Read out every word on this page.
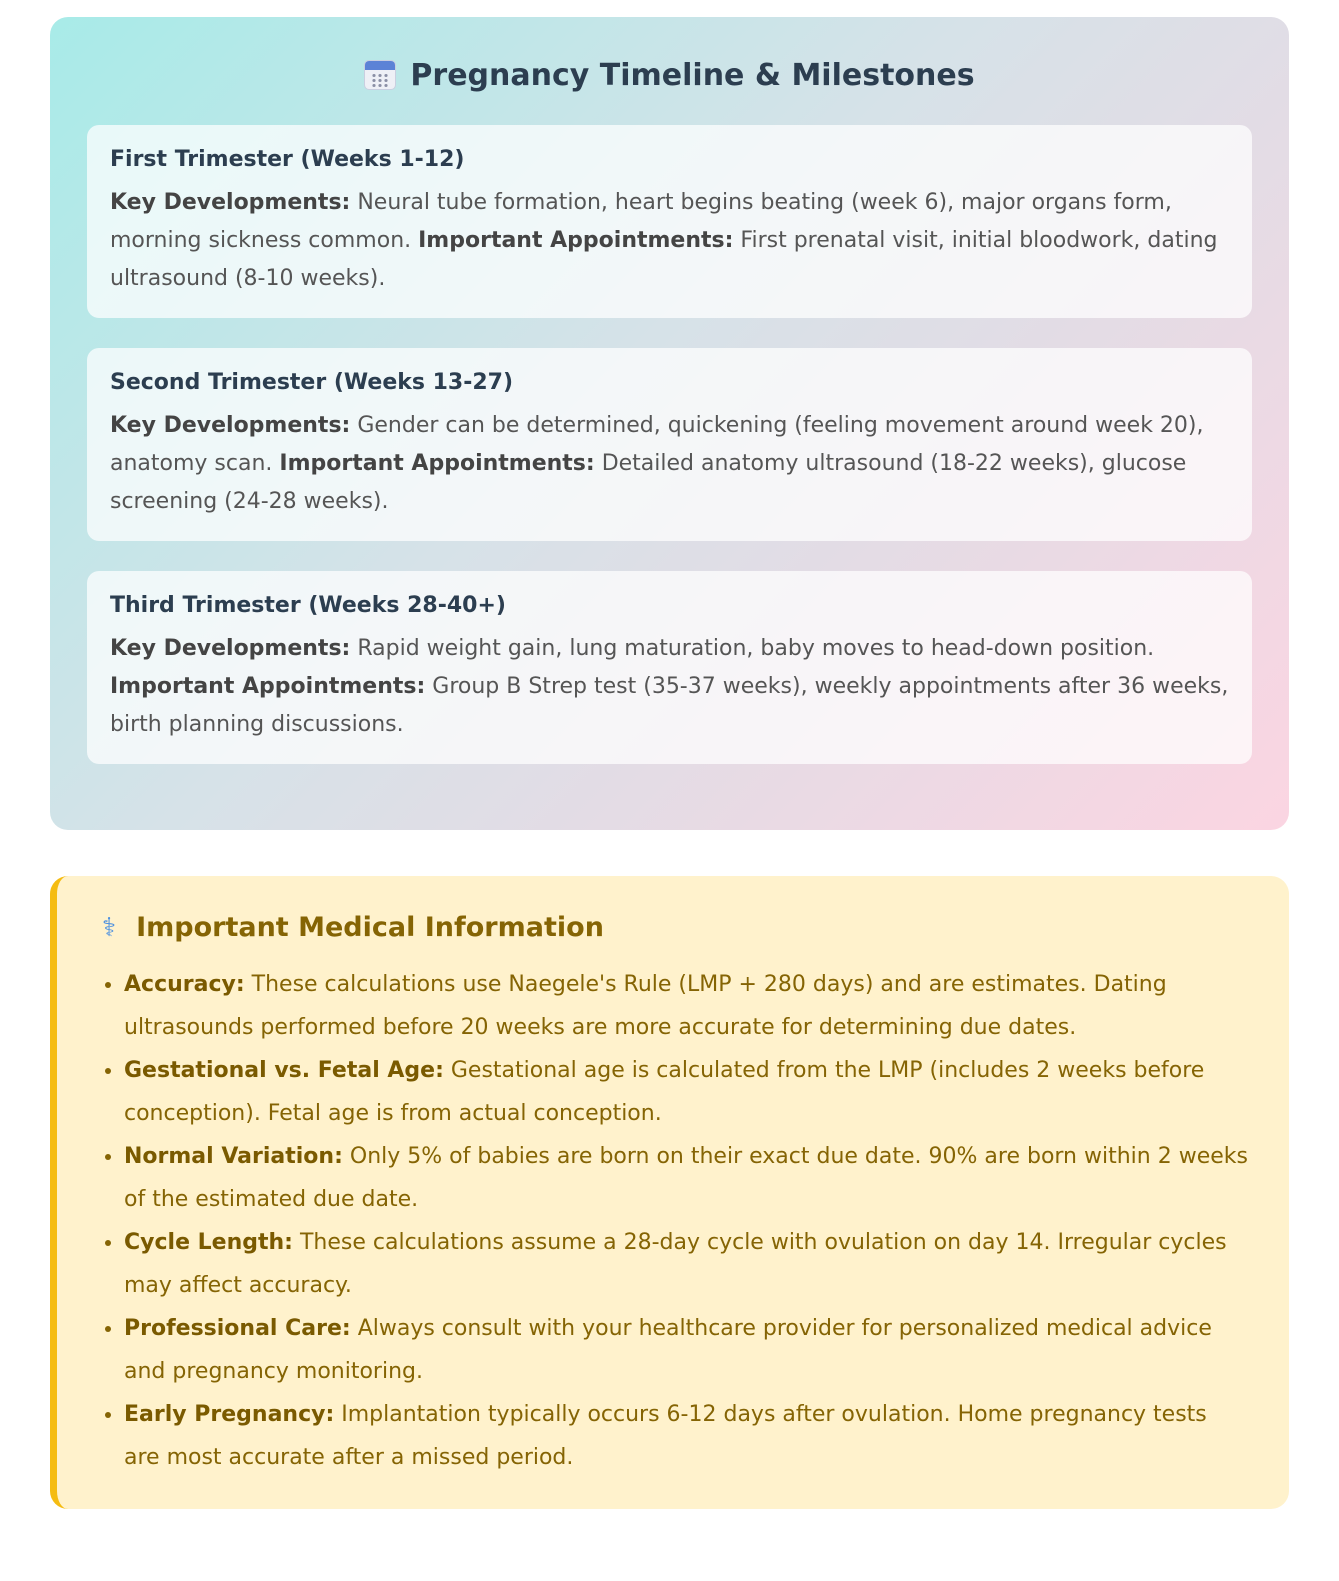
Pregnancy Timeline & Milestones
First Trimester (Weeks 1-12)

Key Developments: Neural tube formation, heart begins beating (week 6), major organs form, morning sickness common. Important Appointments: First prenatal visit, initial bloodwork, dating ultrasound (8-10 weeks).

Second Trimester (Weeks 13-27)

Key Developments: Gender can be determined, quickening (feeling movement around week 20), anatomy scan. Important Appointments: Detailed anatomy ultrasound (18-22 weeks), glucose screening (24-28 weeks).

Third Trimester (Weeks 28-40+)

Key Developments: Rapid weight gain, lung maturation, baby moves to head-down position. Important Appointments: Group B Strep test (35-37 weeks), weekly appointments after 36 weeks, birth planning discussions.

⚕ Important Medical Information
• Accuracy: These calculations use Naegele's Rule (LMP + 280 days) and are estimates. Dating ultrasounds performed before 20 weeks are more accurate for determining due dates.
• Gestational vs. Fetal Age: Gestational age is calculated from the LMP (includes 2 weeks before conception). Fetal age is from actual conception.
• Normal Variation: Only 5% of babies are born on their exact due date. 90% are born within 2 weeks of the estimated due date.
• Cycle Length: These calculations assume a 28-day cycle with ovulation on day 14. Irregular cycles may affect accuracy.
• Professional Care: Always consult with your healthcare provider for personalized medical advice and pregnancy monitoring.
• Early Pregnancy: Implantation typically occurs 6-12 days after ovulation. Home pregnancy tests are most accurate after a missed period.
